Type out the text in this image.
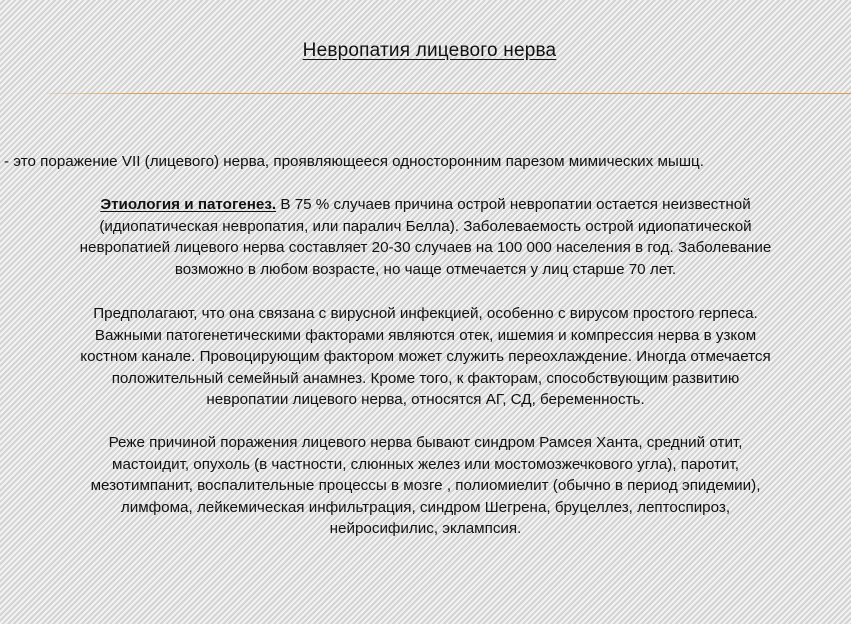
Невропатия лицевого нерва
- это поражение VII (лицевого) нерва, проявляющееся односторонним парезом мимических мышц.
Этиология и патогенез. В 75 % случаев причина острой невропатии остается неизвестной
(идиопатическая невропатия, или паралич Белла). Заболеваемость острой идиопатической
невропатией лицевого нерва составляет 20-30 случаев на 100 000 населения в год. Заболевание
возможно в любом возрасте, но чаще отмечается у лиц старше 70 лет.
Предполагают, что она связана с вирусной инфекцией, особенно с вирусом простого герпеса.
Важными патогенетическими факторами являются отек, ишемия и компрессия нерва в узком
костном канале. Провоцирующим фактором может служить переохлаждение. Иногда отмечается
положительный семейный анамнез. Кроме того, к факторам, способствующим развитию
невропатии лицевого нерва, относятся АГ, СД, беременность.
Реже причиной поражения лицевого нерва бывают синдром Рамсея Ханта, средний отит,
мастоидит, опухоль (в частности, слюнных желез или мостомозжечкового угла), паротит,
мезотимпанит, воспалительные процессы в мозге , полиомиелит (обычно в период эпидемии),
лимфома, лейкемическая инфильтрация, синдром Шегрена, бруцеллез, лептоспироз,
нейросифилис, эклампсия.
